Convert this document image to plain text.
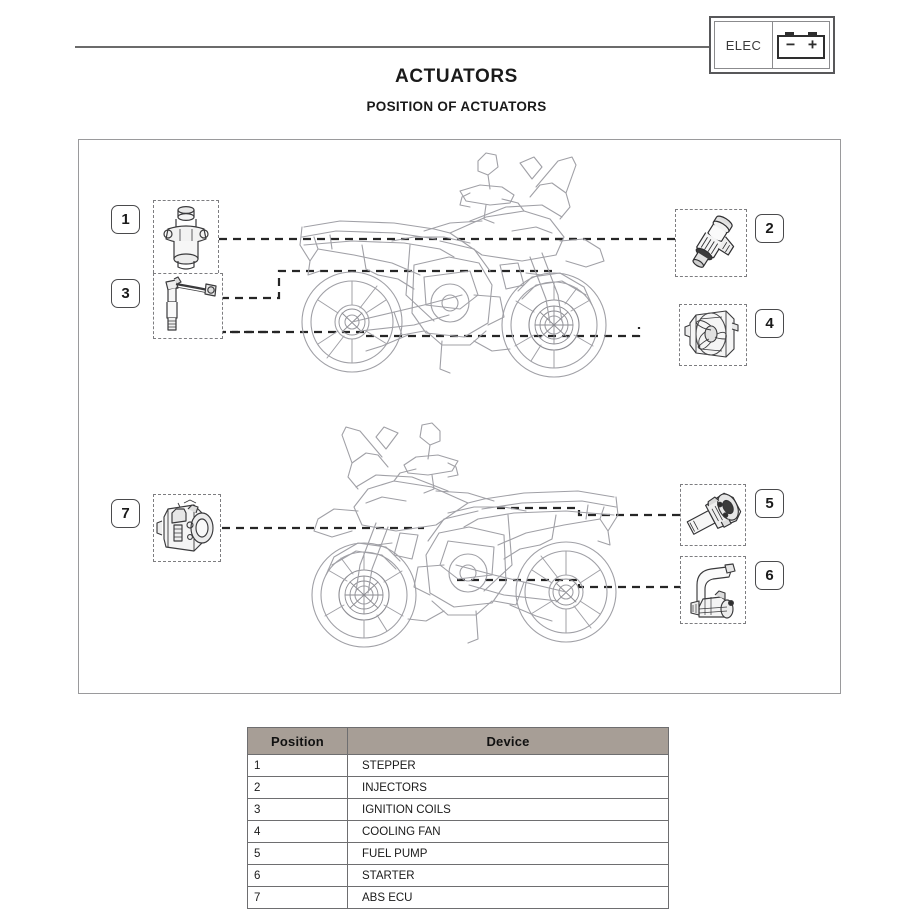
ELEC
ACTUATORS
POSITION OF ACTUATORS
1
3
2
4
7
5
6
Position	Device
1	STEPPER
2	INJECTORS
3	IGNITION COILS
4	COOLING FAN
5	FUEL PUMP
6	STARTER
7	ABS ECU
